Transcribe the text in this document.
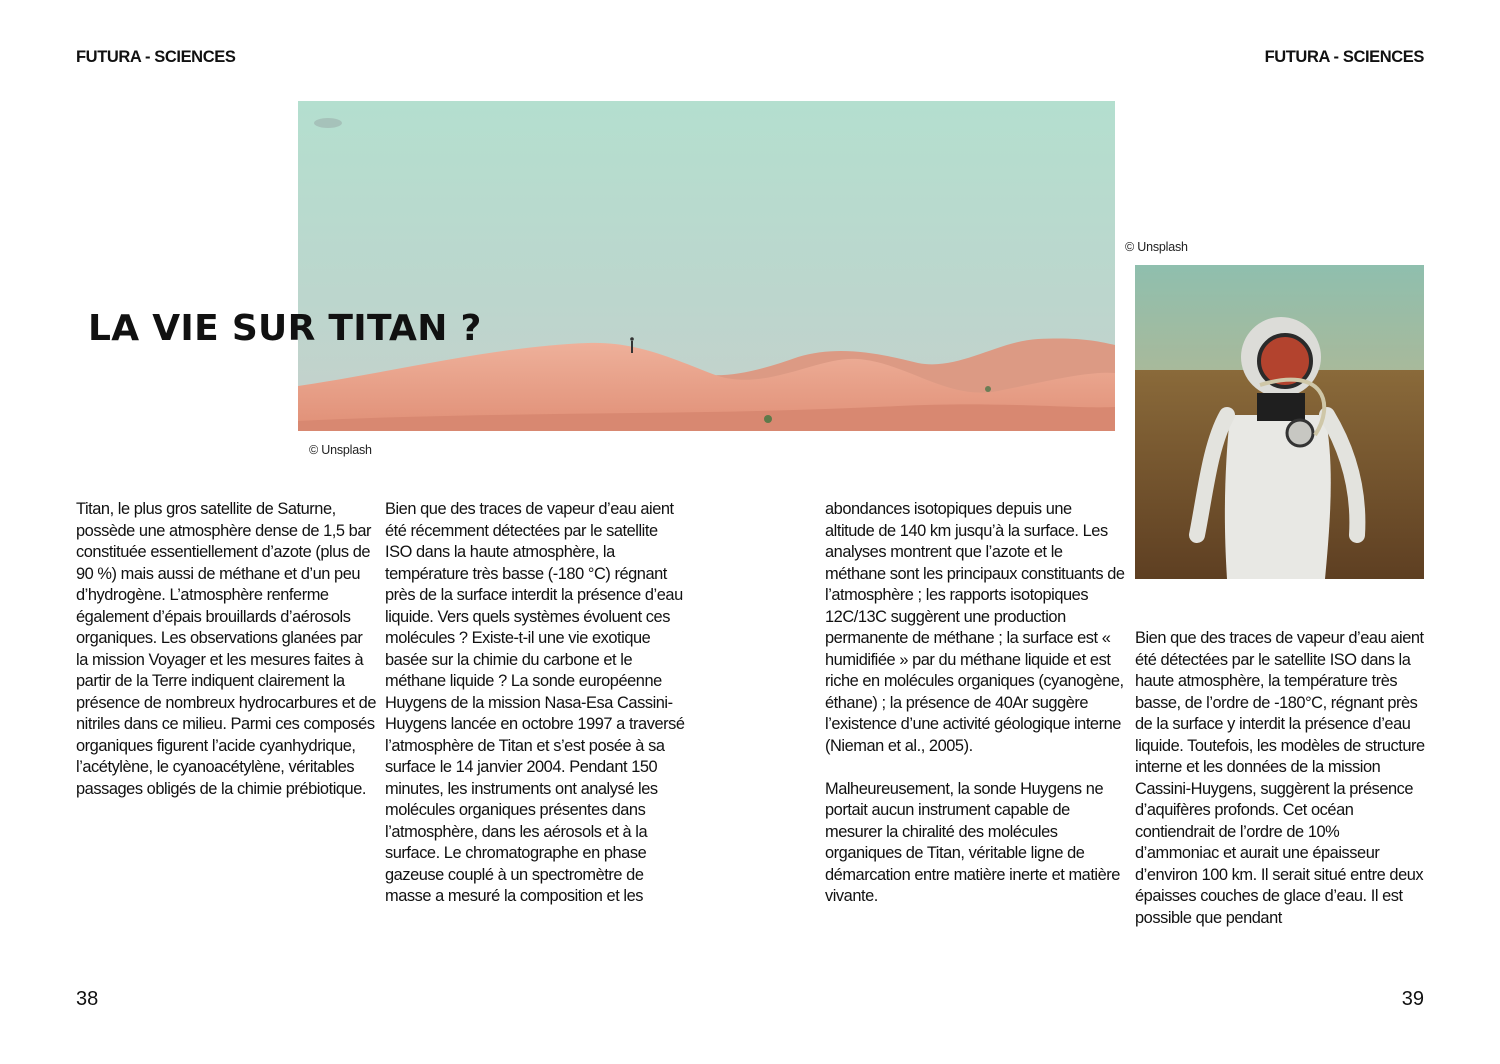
FUTURA - SCIENCES	FUTURA - SCIENCES
LA VIE SUR TITAN ?
© Unsplash
© Unsplash

Titan, le plus gros satellite de Saturne, possède une atmosphère dense de 1,5 bar constituée essentiellement d’azote (plus de 90 %) mais aussi de méthane et d’un peu d’hydrogène. L’atmosphère renferme également d’épais brouillards d’aérosols organiques. Les observations glanées par la mission Voyager et les mesures faites à partir de la Terre indiquent clairement la présence de nombreux hydrocarbures et de nitriles dans ce milieu. Parmi ces composés organiques figurent l’acide cyanhydrique, l’acétylène, le cyanoacétylène, véritables passages obligés de la chimie prébiotique.

Bien que des traces de vapeur d’eau aient été récemment détectées par le satellite ISO dans la haute atmosphère, la température très basse (-180 °C) régnant près de la surface interdit la présence d’eau liquide. Vers quels systèmes évoluent ces molécules ? Existe-t-il une vie exotique basée sur la chimie du carbone et le méthane liquide ? La sonde européenne Huygens de la mission Nasa-Esa Cassini-Huygens lancée en octobre 1997 a traversé l’atmosphère de Titan et s’est posée à sa surface le 14 janvier 2004. Pendant 150 minutes, les instruments ont analysé les molécules organiques présentes dans l’atmosphère, dans les aérosols et à la surface. Le chromatographe en phase gazeuse couplé à un spectromètre de masse a mesuré la composition et les

abondances isotopiques depuis une altitude de 140 km jusqu’à la surface. Les analyses montrent que l’azote et le méthane sont les principaux constituants de l’atmosphère ; les rapports isotopiques 12C/13C suggèrent une production permanente de méthane ; la surface est « humidifiée » par du méthane liquide et est riche en molécules organiques (cyanogène, éthane) ; la présence de 40Ar suggère l’existence d’une activité géologique interne (Nieman et al., 2005).

Malheureusement, la sonde Huygens ne portait aucun instrument capable de mesurer la chiralité des molécules organiques de Titan, véritable ligne de démarcation entre matière inerte et matière vivante.

Bien que des traces de vapeur d’eau aient été détectées par le satellite ISO dans la haute atmosphère, la température très basse, de l’ordre de -180°C, régnant près de la surface y interdit la présence d’eau liquide. Toutefois, les modèles de structure interne et les données de la mission Cassini-Huygens, suggèrent la présence d’aquifères profonds. Cet océan contiendrait de l’ordre de 10% d’ammoniac et aurait une épaisseur d’environ 100 km. Il serait situé entre deux épaisses couches de glace d’eau. Il est possible que pendant

38	39
